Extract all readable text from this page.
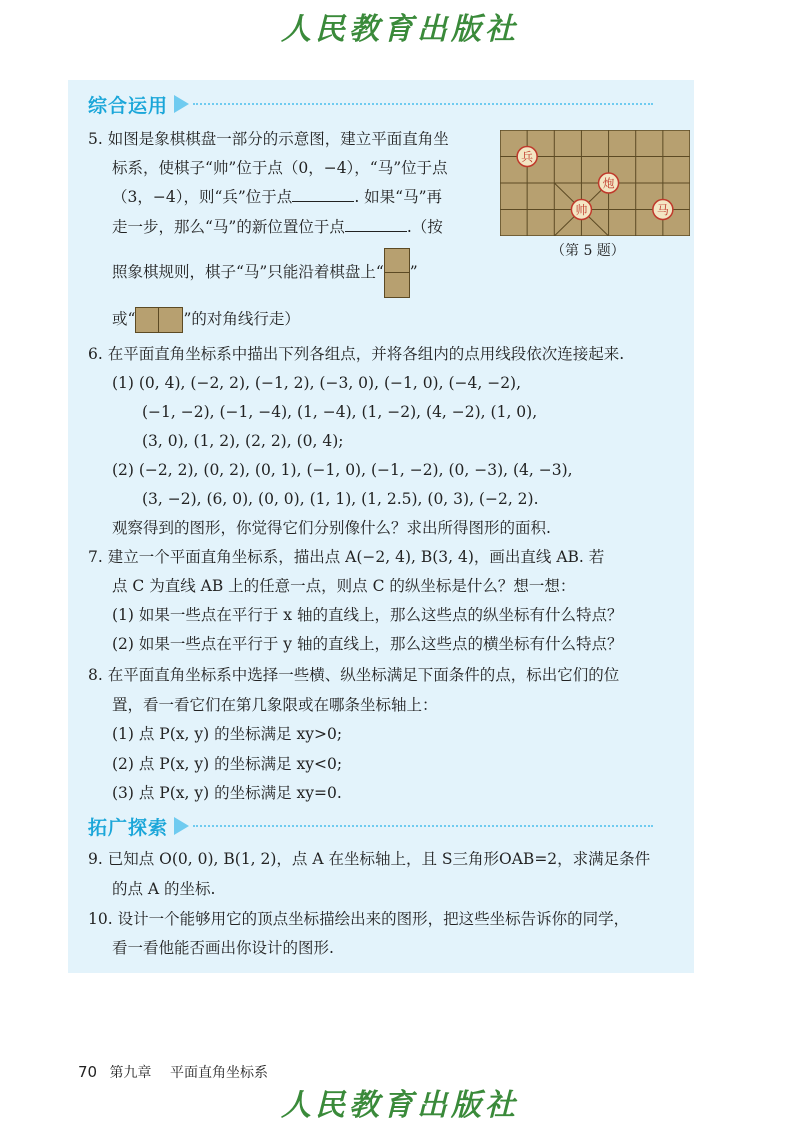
人民教育出版社
综合运用
5. 如图是象棋棋盘一部分的示意图，建立平面直角坐
标系，使棋子“帅”位于点（0，−4），“马”位于点
（3，−4），则“兵”位于点	. 如果“马”再
走一步，那么“马”的新位置位于点	.（按
照象棋规则，棋子“马”只能沿着棋盘上“ ”
或“	”的对角线行走）
兵
炮
帅	马
（第 5 题）
6. 在平面直角坐标系中描出下列各组点，并将各组内的点用线段依次连接起来.
(1) (0, 4), (−2, 2), (−1, 2), (−3, 0), (−1, 0), (−4, −2),
(−1, −2), (−1, −4), (1, −4), (1, −2), (4, −2), (1, 0),
(3, 0), (1, 2), (2, 2), (0, 4);
(2) (−2, 2), (0, 2), (0, 1), (−1, 0), (−1, −2), (0, −3), (4, −3),
(3, −2), (6, 0), (0, 0), (1, 1), (1, 2.5), (0, 3), (−2, 2).
观察得到的图形，你觉得它们分别像什么？求出所得图形的面积.
7. 建立一个平面直角坐标系，描出点 A(−2, 4), B(3, 4)，画出直线 AB. 若
点 C 为直线 AB 上的任意一点，则点 C 的纵坐标是什么？想一想：
(1) 如果一些点在平行于 x 轴的直线上，那么这些点的纵坐标有什么特点？
(2) 如果一些点在平行于 y 轴的直线上，那么这些点的横坐标有什么特点？
8. 在平面直角坐标系中选择一些横、纵坐标满足下面条件的点，标出它们的位
置，看一看它们在第几象限或在哪条坐标轴上：
(1) 点 P(x, y) 的坐标满足 xy>0;
(2) 点 P(x, y) 的坐标满足 xy<0;
(3) 点 P(x, y) 的坐标满足 xy=0.
拓广探索
9. 已知点 O(0, 0), B(1, 2)，点 A 在坐标轴上，且 S三角形OAB=2，求满足条件
的点 A 的坐标.
10. 设计一个能够用它的顶点坐标描绘出来的图形，把这些坐标告诉你的同学，
看一看他能否画出你设计的图形.
70 第九章 平面直角坐标系
人民教育出版社
